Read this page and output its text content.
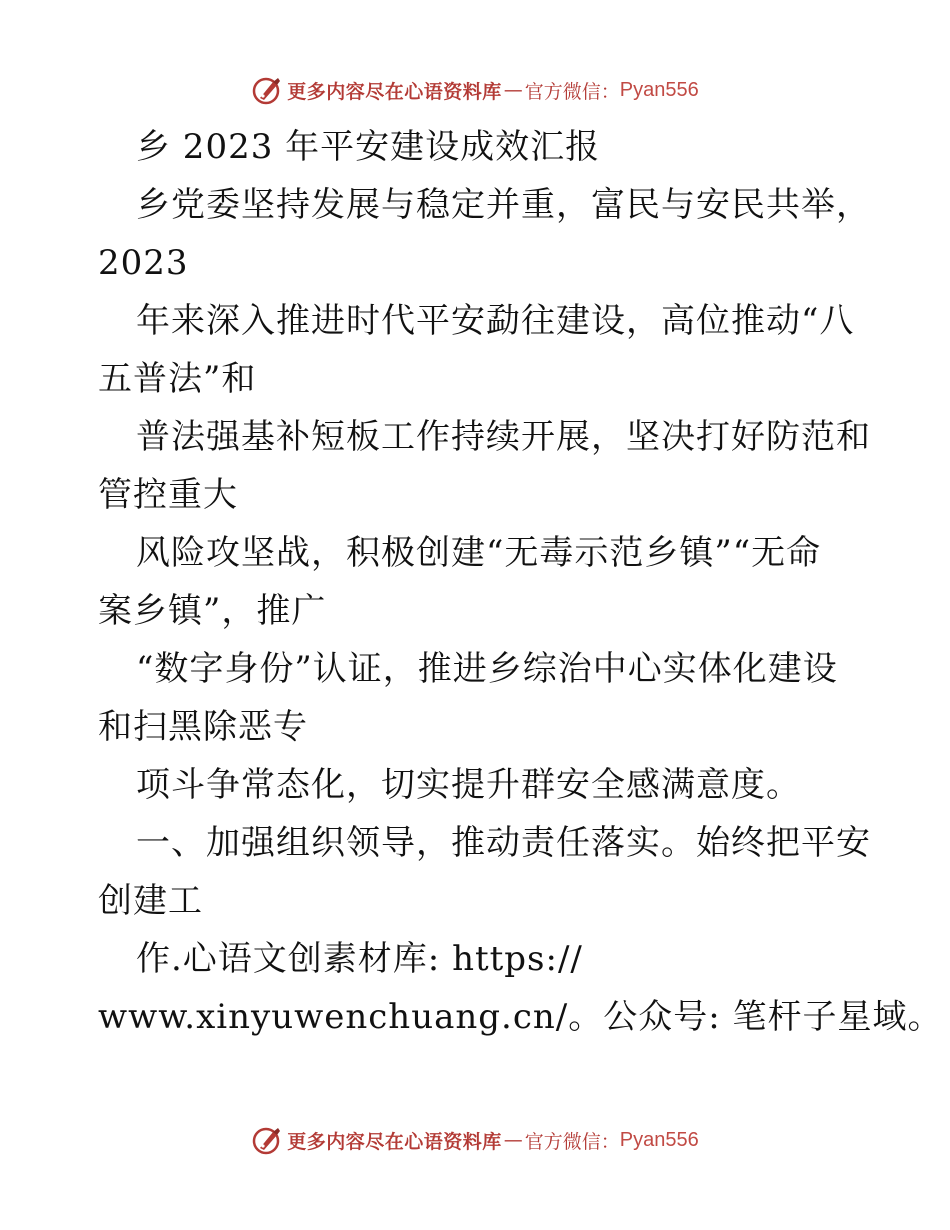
更多内容尽在心语资料库 — 官方微信： Pyan556
乡 2023 年平安建设成效汇报
乡党委坚持发展与稳定并重，富民与安民共举，
2023
年来深入推进时代平安勐往建设，高位推动“八
五普法”和
普法强基补短板工作持续开展，坚决打好防范和
管控重大
风险攻坚战，积极创建“无毒示范乡镇”“无命
案乡镇”，推广
“数字身份”认证，推进乡综治中心实体化建设
和扫黑除恶专
项斗争常态化，切实提升群安全感满意度。
一、加强组织领导，推动责任落实。始终把平安
创建工
作.心语文创素材库: https://
www.xinyuwenchuang.cn/。公众号: 笔杆子星域。
更多内容尽在心语资料库 — 官方微信： Pyan556
